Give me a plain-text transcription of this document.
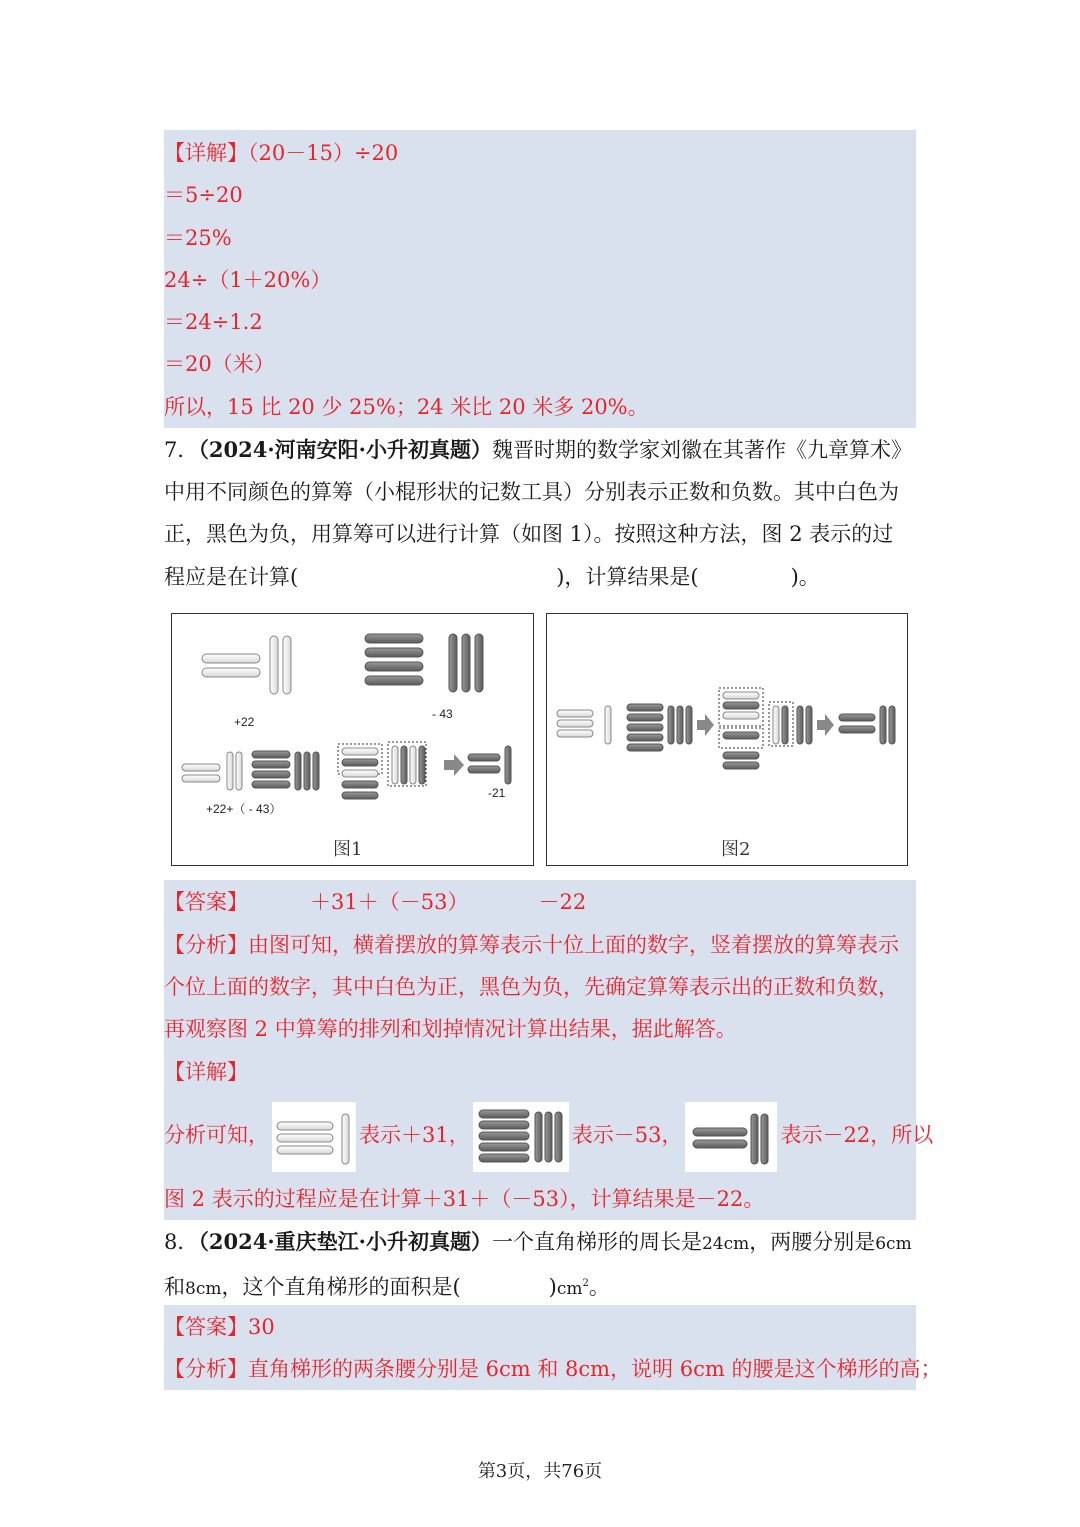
【详解】（20－15）÷20
＝5÷20
＝25%
24÷（1＋20%）
＝24÷1.2
＝20（米）
所以，15 比 20 少 25%；24 米比 20 米多 20%。
7．（2024·河南安阳·小升初真题）魏晋时期的数学家刘徽在其著作《九章算术》
中用不同颜色的算筹（小棍形状的记数工具）分别表示正数和负数。其中白色为
正，黑色为负，用算筹可以进行计算（如图 1）。按照这种方法，图 2 表示的过
程应是在计算(	)，计算结果是(	)。
+22
- 43
+22+（ - 43）
-21
图1	图2
【答案】	＋31＋（－53）	－22
【分析】由图可知，横着摆放的算筹表示十位上面的数字，竖着摆放的算筹表示
个位上面的数字，其中白色为正，黑色为负，先确定算筹表示出的正数和负数，
再观察图 2 中算筹的排列和划掉情况计算出结果，据此解答。
【详解】
分析可知，	表示＋31，	表示－53，	表示－22，所以
图 2 表示的过程应是在计算＋31＋（－53），计算结果是－22。
8．（2024·重庆垫江·小升初真题）一个直角梯形的周长是24cm，两腰分别是6cm
和8cm，这个直角梯形的面积是(	)$cm^2$。
【答案】30
【分析】直角梯形的两条腰分别是 6cm 和 8cm，说明 6cm 的腰是这个梯形的高；
第3页，共76页
